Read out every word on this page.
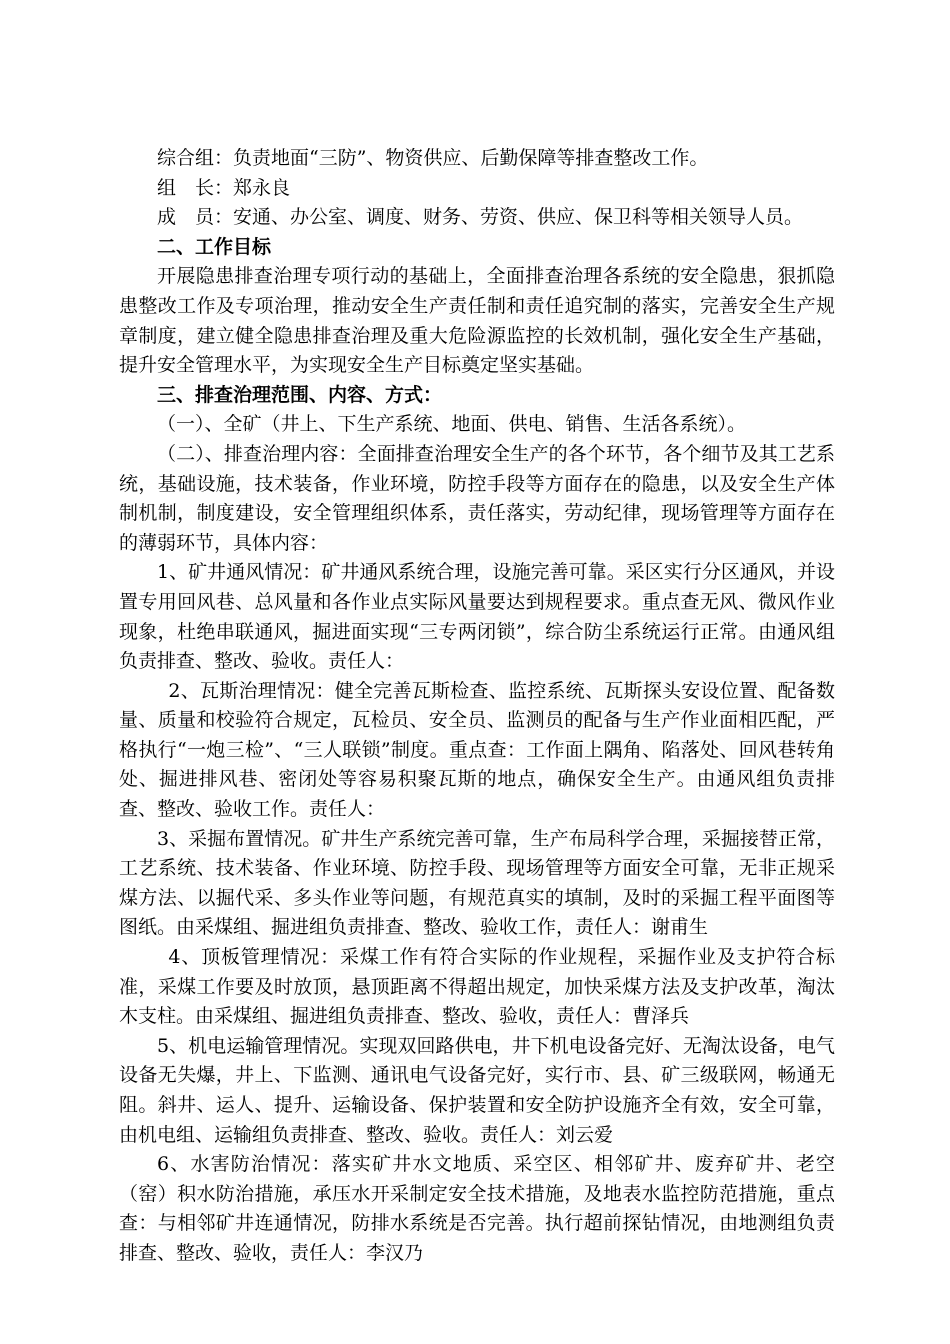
综合组：负责地面“三防”、物资供应、后勤保障等排查整改工作。

组　长：郑永良

成　员：安通、办公室、调度、财务、劳资、供应、保卫科等相关领导人员。

二、工作目标

开展隐患排查治理专项行动的基础上，全面排查治理各系统的安全隐患，狠抓隐患整改工作及专项治理，推动安全生产责任制和责任追究制的落实，完善安全生产规章制度，建立健全隐患排查治理及重大危险源监控的长效机制，强化安全生产基础，提升安全管理水平，为实现安全生产目标奠定坚实基础。

三、排查治理范围、内容、方式：

（一）、全矿（井上、下生产系统、地面、供电、销售、生活各系统）。

（二）、排查治理内容：全面排查治理安全生产的各个环节，各个细节及其工艺系统，基础设施，技术装备，作业环境，防控手段等方面存在的隐患，以及安全生产体制机制，制度建设，安全管理组织体系，责任落实，劳动纪律，现场管理等方面存在的薄弱环节，具体内容：

1、矿井通风情况：矿井通风系统合理，设施完善可靠。采区实行分区通风，并设置专用回风巷、总风量和各作业点实际风量要达到规程要求。重点查无风、微风作业现象，杜绝串联通风，掘进面实现“三专两闭锁”，综合防尘系统运行正常。由通风组负责排查、整改、验收。责任人：

2、瓦斯治理情况：健全完善瓦斯检查、监控系统、瓦斯探头安设位置、配备数量、质量和校验符合规定，瓦检员、安全员、监测员的配备与生产作业面相匹配，严格执行“一炮三检”、“三人联锁”制度。重点查：工作面上隅角、陷落处、回风巷转角处、掘进排风巷、密闭处等容易积聚瓦斯的地点，确保安全生产。由通风组负责排查、整改、验收工作。责任人：

3、采掘布置情况。矿井生产系统完善可靠，生产布局科学合理，采掘接替正常，工艺系统、技术装备、作业环境、防控手段、现场管理等方面安全可靠，无非正规采煤方法、以掘代采、多头作业等问题，有规范真实的填制，及时的采掘工程平面图等图纸。由采煤组、掘进组负责排查、整改、验收工作，责任人：谢甫生

4、顶板管理情况：采煤工作有符合实际的作业规程，采掘作业及支护符合标准，采煤工作要及时放顶，悬顶距离不得超出规定，加快采煤方法及支护改革，淘汰木支柱。由采煤组、掘进组负责排查、整改、验收，责任人：曹泽兵

5、机电运输管理情况。实现双回路供电，井下机电设备完好、无淘汰设备，电气设备无失爆，井上、下监测、通讯电气设备完好，实行市、县、矿三级联网，畅通无阻。斜井、运人、提升、运输设备、保护装置和安全防护设施齐全有效，安全可靠，由机电组、运输组负责排查、整改、验收。责任人：刘云爱

6、水害防治情况：落实矿井水文地质、采空区、相邻矿井、废弃矿井、老空（窑）积水防治措施，承压水开采制定安全技术措施，及地表水监控防范措施，重点查：与相邻矿井连通情况，防排水系统是否完善。执行超前探钻情况，由地测组负责排查、整改、验收，责任人：李汉乃
